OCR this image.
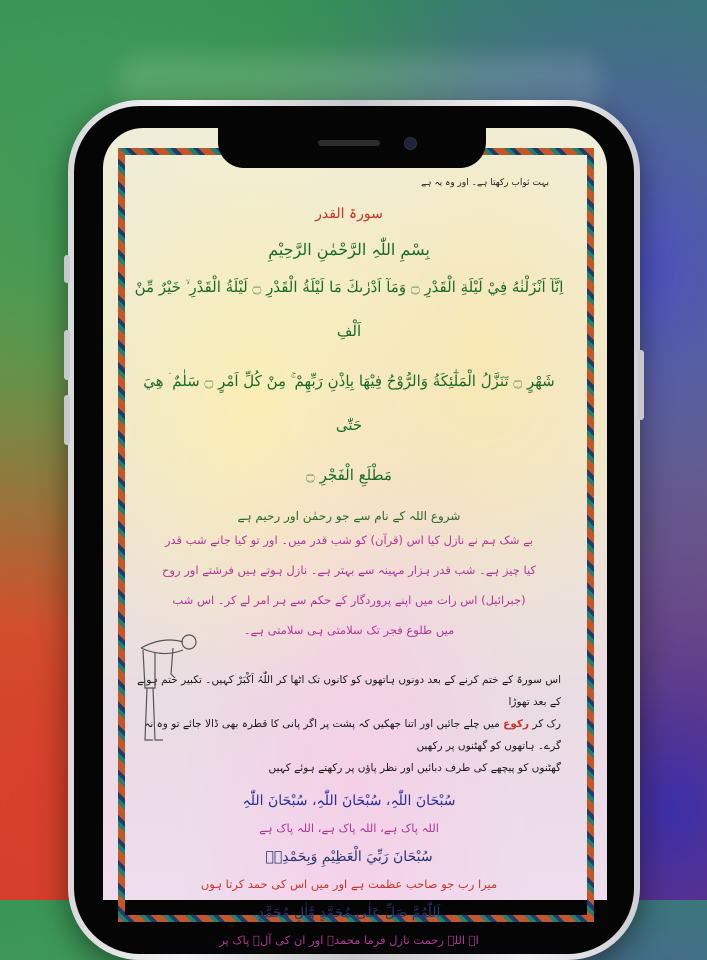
بہت ثواب رکھتا ہے۔ اور وہ یہ ہے
سورۃ القدر
بِسْمِ اللّٰہِ الرَّحْمٰنِ الرَّحِيْمِ
اِنَّآ اَنْزَلْنٰهُ فِيْ لَيْلَةِ الْقَدْرِ ۝ وَمَآ اَدْرٰىكَ مَا لَيْلَةُ الْقَدْرِ ۝ لَيْلَةُ الْقَدْرِ ۙ خَيْرٌ مِّنْ اَلْفِ
شَهْرٍ ۝ تَنَزَّلُ الْمَلٰٓئِكَةُ وَالرُّوْحُ فِيْهَا بِاِذْنِ رَبِّهِمْ ۚ مِنْ كُلِّ اَمْرٍ ۝ سَلٰمٌ ۛ هِيَ حَتّٰى
مَطْلَعِ الْفَجْرِ ۝
شروع اللہ کے نام سے جو رحمٰن اور رحیم ہے
بے شک ہم نے نازل کیا اس (قرآن) کو شب قدر میں۔ اور تو کیا جانے شب قدر
کیا چیز ہے۔ شب قدر ہزار مہینہ سے بہتر ہے۔ نازل ہوتے ہیں فرشتے اور روح
(جبرائیل) اس رات میں اپنے پروردگار کے حکم سے ہر امر لے کر۔ اس شب
میں طلوع فجر تک سلامتی ہی سلامتی ہے۔
اس سورۃ کے ختم کرنے کے بعد دونوں ہاتھوں کو کانوں تک اٹھا کر اللّٰہُ اَکْبَرْ کہیں۔ تکبیر ختم ہونے کے بعد تھوڑا
رک کر رکوع میں چلے جائیں اور اتنا جھکیں کہ پشت پر اگر پانی کا قطرہ بھی ڈالا جائے تو وہ نہ گرے۔ ہاتھوں کو گھٹنوں پر رکھیں
گھٹنوں کو پیچھے کی طرف دبائیں اور نظر پاؤں پر رکھتے ہوئے کہیں
سُبْحَانَ اللّٰہِ، سُبْحَانَ اللّٰہِ، سُبْحَانَ اللّٰہِ
اللہ پاک ہے، اللہ پاک ہے، اللہ پاک ہے
سُبْحَانَ رَبِّيَ الْعَظِيْمِ وَبِحَمْدِهٖ
میرا رب جو صاحب عظمت ہے اور میں اس کی حمد کرتا ہوں
اَللّٰهُمَّ صَلِّ عَلٰى مُحَمَّدٍ وَّاٰلِ مُحَمَّدٍ
اے اللہ رحمت نازل فرما محمدؐ اور ان کی آلؑ پاک پر
